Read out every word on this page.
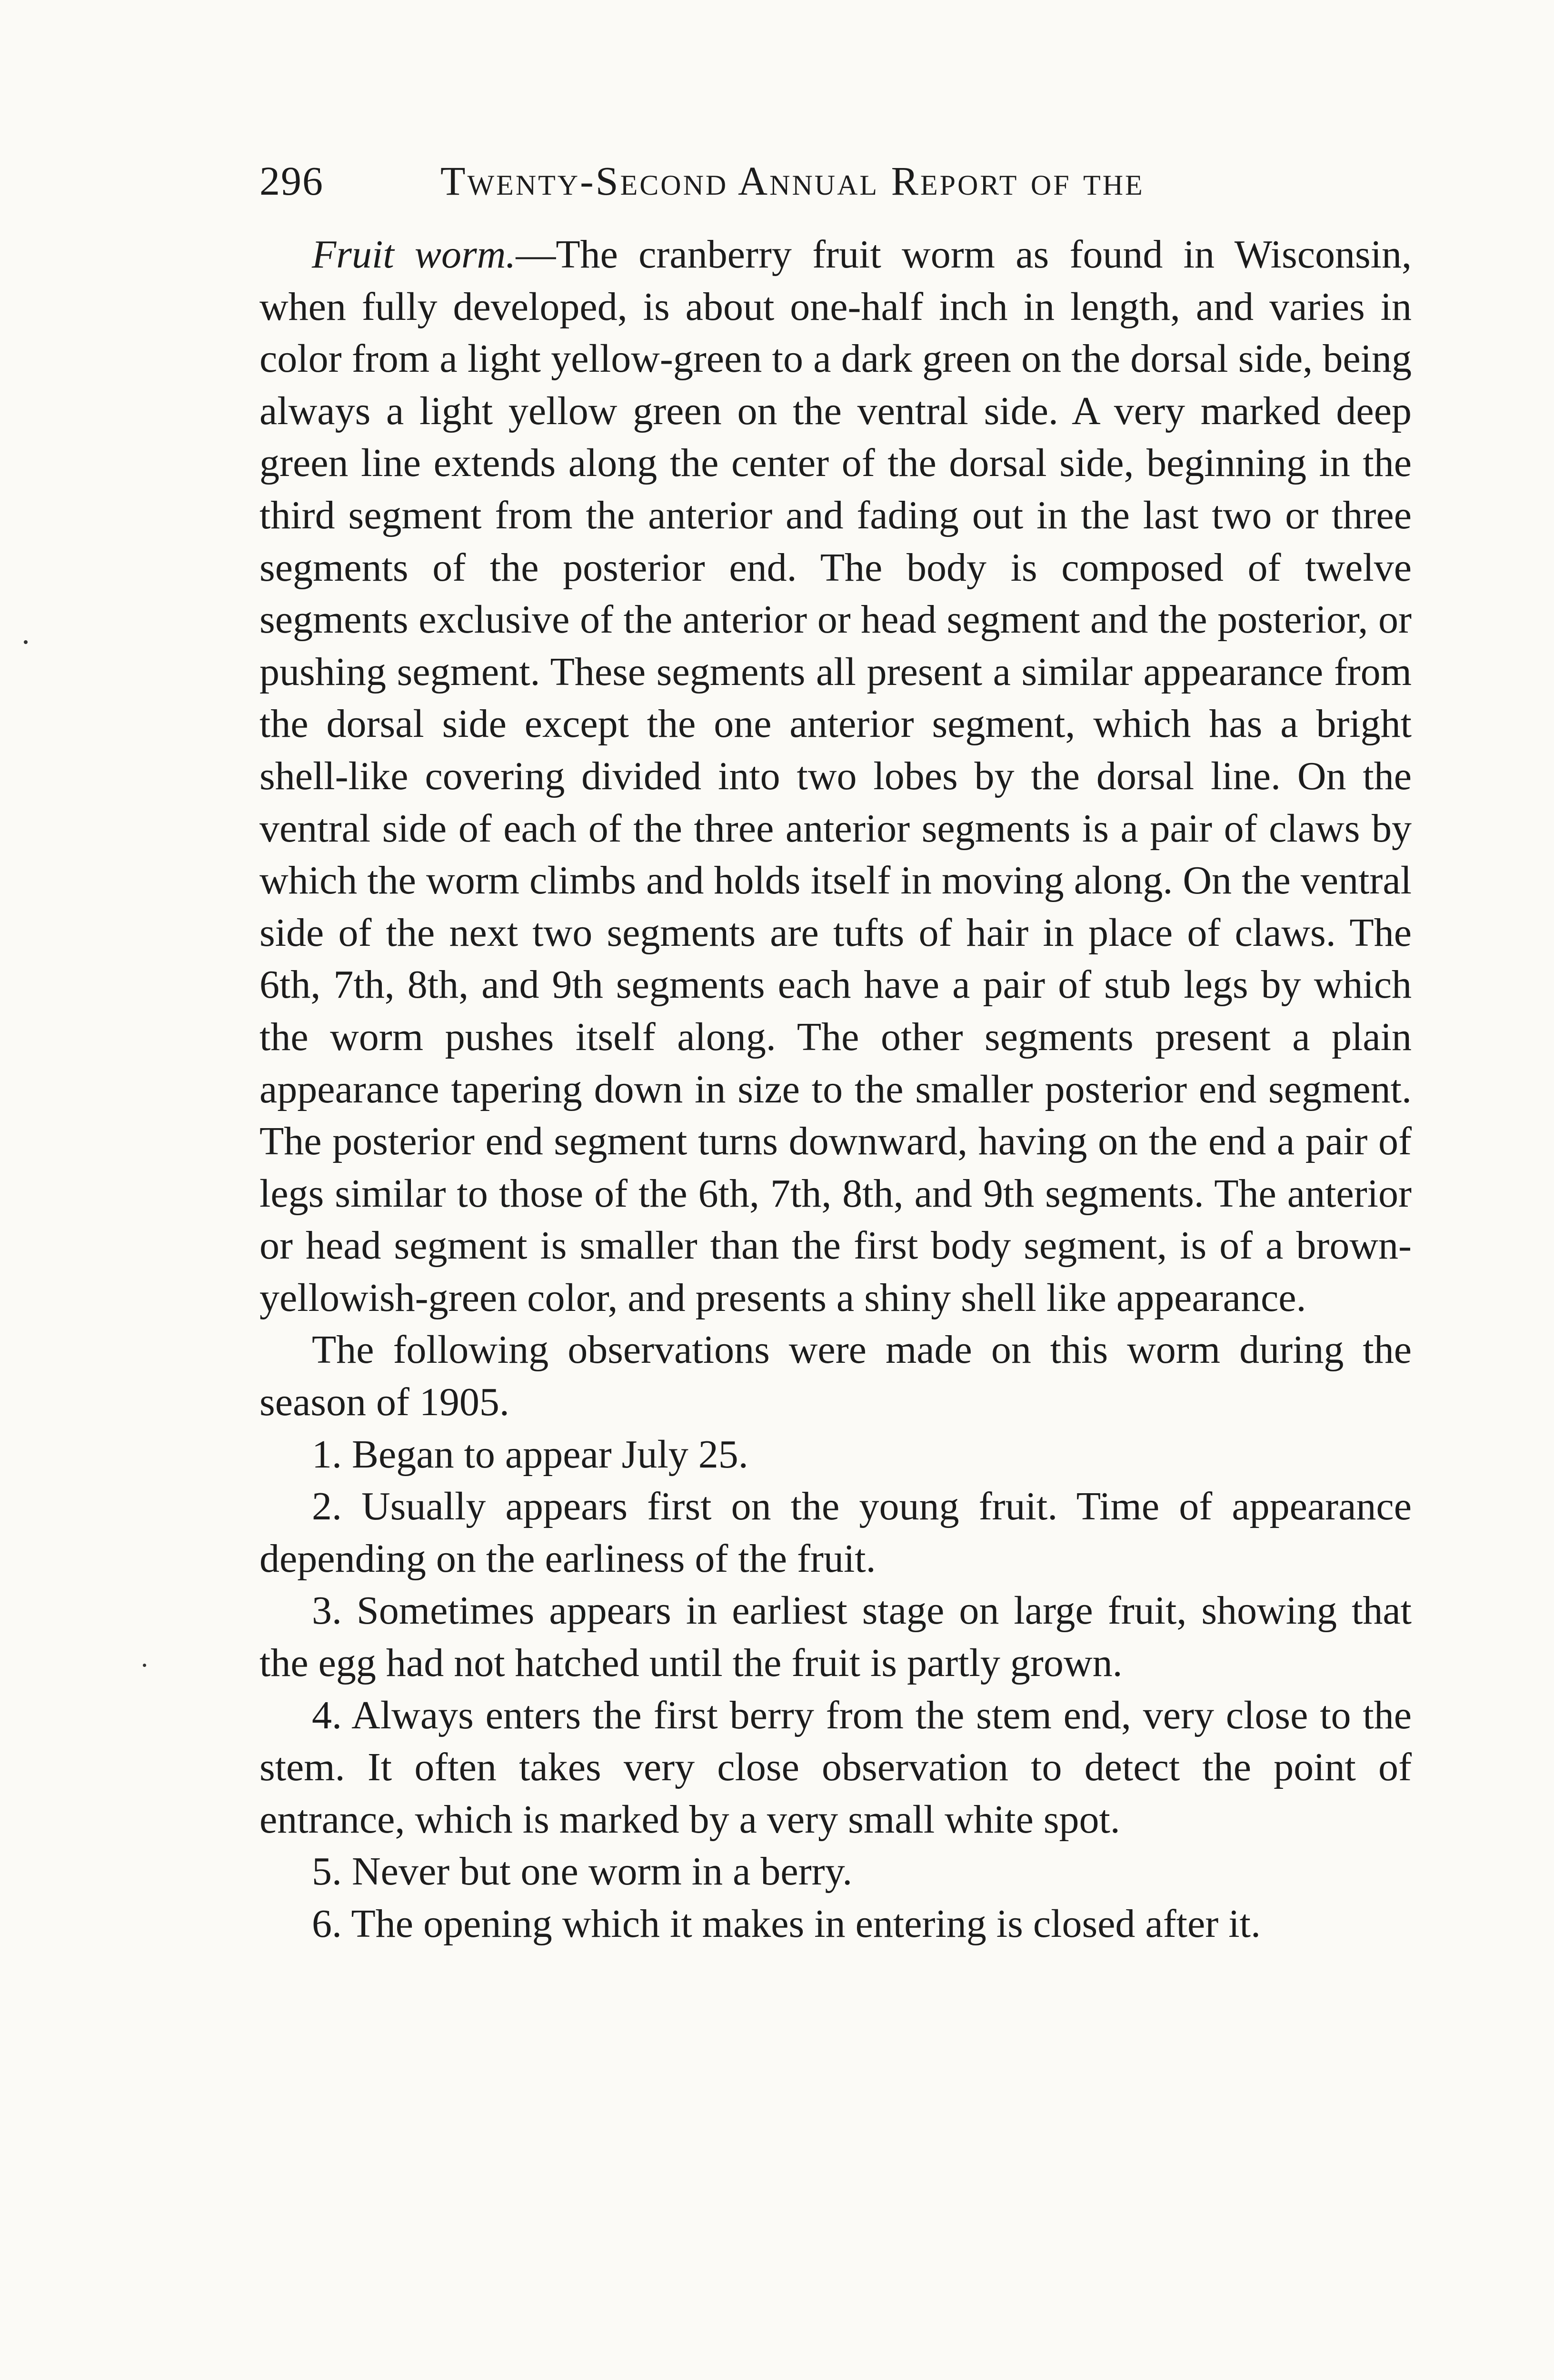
296	Twenty-Second Annual Report of the

Fruit worm.—The cranberry fruit worm as found in Wisconsin, when fully developed, is about one-half inch in length, and varies in color from a light yellow-green to a dark green on the dorsal side, being always a light yellow green on the ventral side. A very marked deep green line extends along the center of the dorsal side, beginning in the third segment from the anterior and fading out in the last two or three segments of the posterior end. The body is composed of twelve segments exclusive of the anterior or head segment and the posterior, or pushing segment. These segments all present a similar appearance from the dorsal side except the one anterior segment, which has a bright shell-like covering divided into two lobes by the dorsal line. On the ventral side of each of the three anterior segments is a pair of claws by which the worm climbs and holds itself in moving along. On the ventral side of the next two segments are tufts of hair in place of claws. The 6th, 7th, 8th, and 9th segments each have a pair of stub legs by which the worm pushes itself along. The other segments present a plain appearance tapering down in size to the smaller posterior end segment. The posterior end segment turns downward, having on the end a pair of legs similar to those of the 6th, 7th, 8th, and 9th segments. The anterior or head segment is smaller than the first body segment, is of a brown-yellowish-green color, and presents a shiny shell like appearance.

The following observations were made on this worm during the season of 1905.

1. Began to appear July 25.
2. Usually appears first on the young fruit. Time of appearance depending on the earliness of the fruit.
3. Sometimes appears in earliest stage on large fruit, showing that the egg had not hatched until the fruit is partly grown.
4. Always enters the first berry from the stem end, very close to the stem. It often takes very close observation to detect the point of entrance, which is marked by a very small white spot.
5. Never but one worm in a berry.
6. The opening which it makes in entering is closed after it.
